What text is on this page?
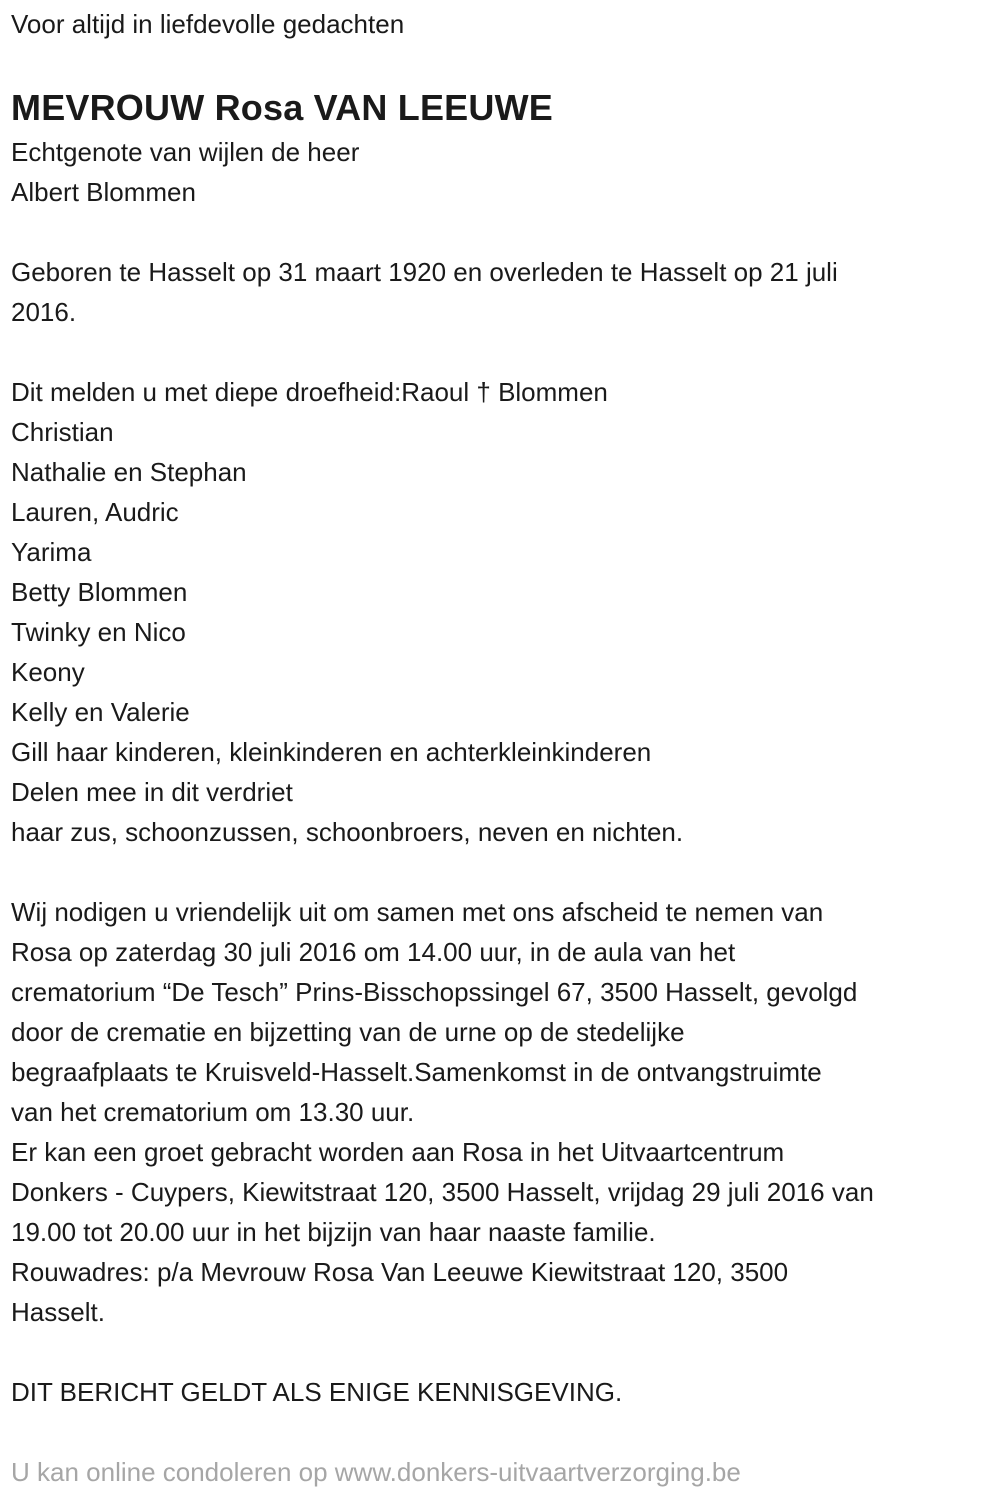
Voor altijd in liefdevolle gedachten
MEVROUW Rosa VAN LEEUWE
Echtgenote van wijlen de heer
Albert Blommen
Geboren te Hasselt op 31 maart 1920 en overleden te Hasselt op 21 juli
2016.
Dit melden u met diepe droefheid:Raoul † Blommen
Christian
Nathalie en Stephan
Lauren, Audric
Yarima
Betty Blommen
Twinky en Nico
Keony
Kelly en Valerie
Gill haar kinderen, kleinkinderen en achterkleinkinderen
Delen mee in dit verdriet
haar zus, schoonzussen, schoonbroers, neven en nichten.
Wij nodigen u vriendelijk uit om samen met ons afscheid te nemen van
Rosa op zaterdag 30 juli 2016 om 14.00 uur, in de aula van het
crematorium “De Tesch” Prins-Bisschopssingel 67, 3500 Hasselt, gevolgd
door de crematie en bijzetting van de urne op de stedelijke
begraafplaats te Kruisveld-Hasselt.Samenkomst in de ontvangstruimte
van het crematorium om 13.30 uur.
Er kan een groet gebracht worden aan Rosa in het Uitvaartcentrum
Donkers - Cuypers, Kiewitstraat 120, 3500 Hasselt, vrijdag 29 juli 2016 van
19.00 tot 20.00 uur in het bijzijn van haar naaste familie.
Rouwadres: p/a Mevrouw Rosa Van Leeuwe Kiewitstraat 120, 3500
Hasselt.
DIT BERICHT GELDT ALS ENIGE KENNISGEVING.
U kan online condoleren op www.donkers-uitvaartverzorging.be
